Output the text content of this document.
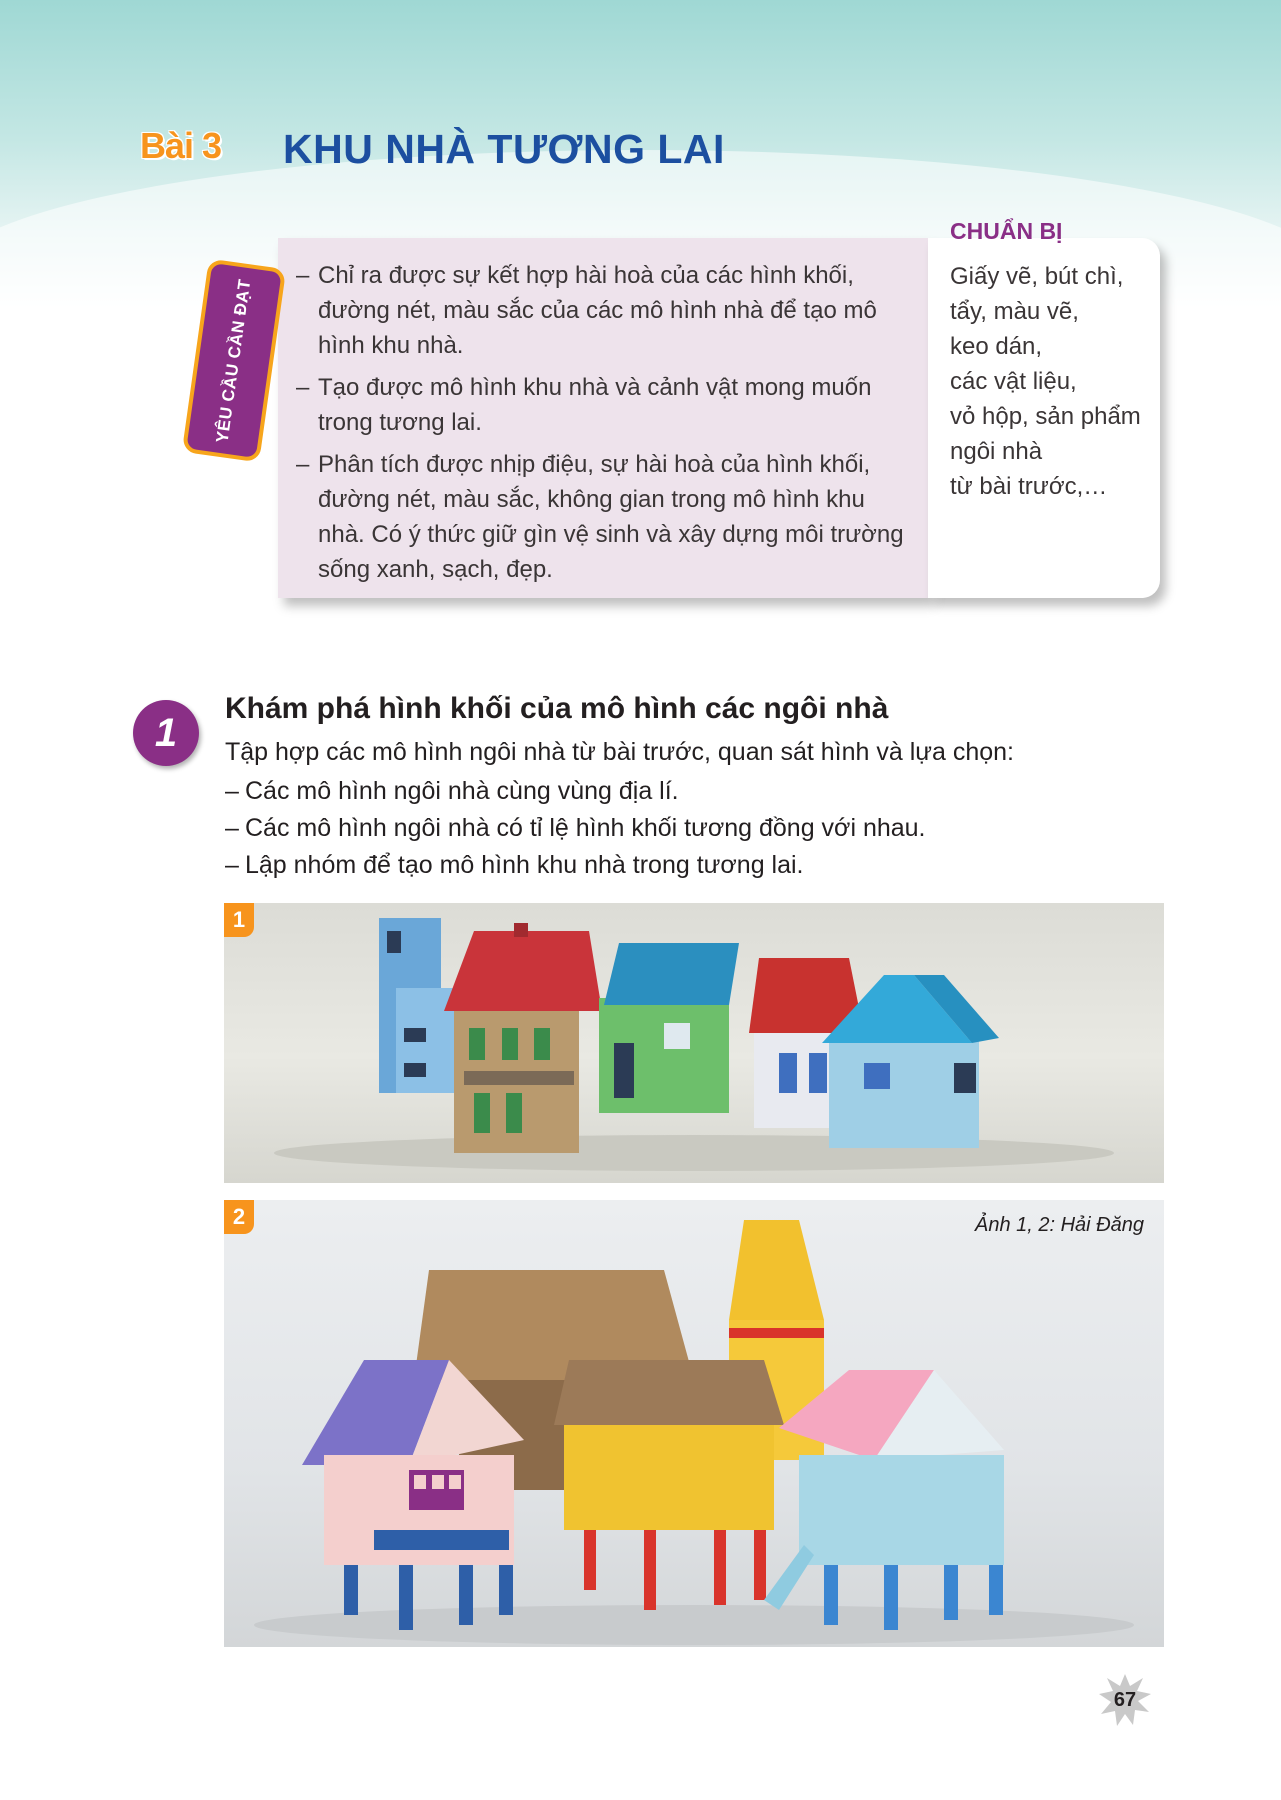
Bài 3	KHU NHÀ TƯƠNG LAI
YÊU CẦU CẦN ĐẠT
– Chỉ ra được sự kết hợp hài hoà của các hình khối, đường nét, màu sắc của các mô hình nhà để tạo mô hình khu nhà.
– Tạo được mô hình khu nhà và cảnh vật mong muốn trong tương lai.
– Phân tích được nhịp điệu, sự hài hoà của hình khối, đường nét, màu sắc, không gian trong mô hình khu nhà. Có ý thức giữ gìn vệ sinh và xây dựng môi trường sống xanh, sạch, đẹp.
CHUẨN BỊ
Giấy vẽ, bút chì,
tẩy, màu vẽ,
keo dán,
các vật liệu,
vỏ hộp, sản phẩm
ngôi nhà
từ bài trước,…
1
Khám phá hình khối của mô hình các ngôi nhà
Tập hợp các mô hình ngôi nhà từ bài trước, quan sát hình và lựa chọn:
– Các mô hình ngôi nhà cùng vùng địa lí.
– Các mô hình ngôi nhà có tỉ lệ hình khối tương đồng với nhau.
– Lập nhóm để tạo mô hình khu nhà trong tương lai.
1
2	Ảnh 1, 2: Hải Đăng
67
